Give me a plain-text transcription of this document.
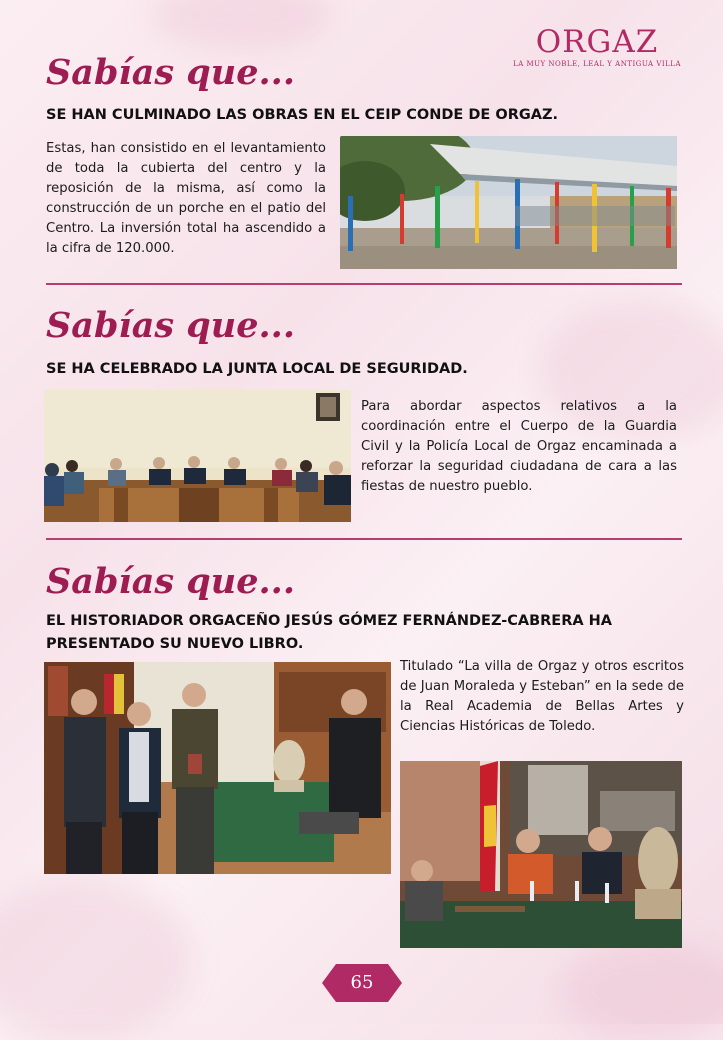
ORGAZ
LA MUY NOBLE, LEAL Y ANTIGUA VILLA
Sabías que...
SE HAN CULMINADO LAS OBRAS EN EL CEIP CONDE DE ORGAZ.
Estas, han consistido en el levantamiento de toda la cubierta del centro y la reposición de la misma, así como la construcción de un porche en el patio del Centro. La inversión total ha ascendido a la cifra de 120.000.
Sabías que...
SE HA CELEBRADO LA JUNTA LOCAL DE SEGURIDAD.
Para abordar aspectos relativos a la coordinación entre el Cuerpo de la Guardia Civil y la Policía Local de Orgaz encaminada a reforzar la seguridad ciudadana de cara a las fiestas de nuestro pueblo.
Sabías que...
EL HISTORIADOR ORGACEÑO JESÚS GÓMEZ FERNÁNDEZ-CABRERA HA PRESENTADO SU NUEVO LIBRO.
Titulado “La villa de Orgaz y otros escritos de Juan Moraleda y Esteban” en la sede de la Real Academia de Bellas Artes y Ciencias Históricas de Toledo.
65
